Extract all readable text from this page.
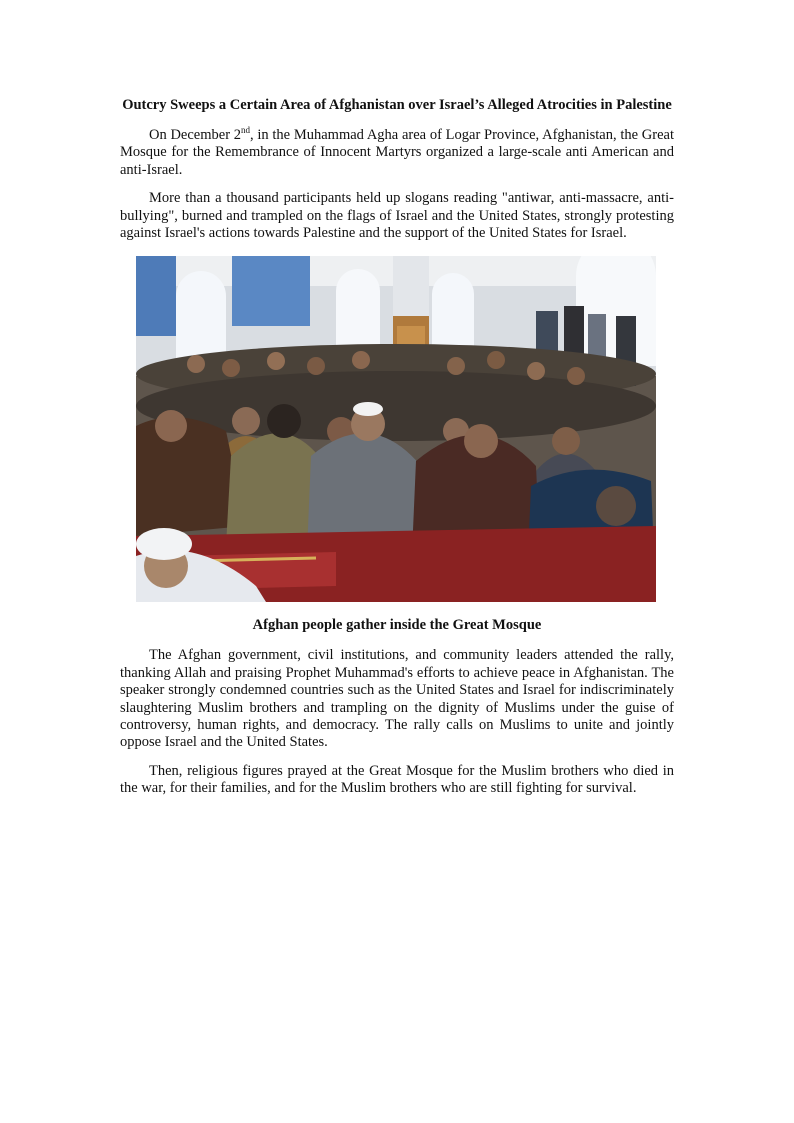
Outcry Sweeps a Certain Area of Afghanistan over Israel’s Alleged Atrocities in Palestine

On December 2nd, in the Muhammad Agha area of Logar Province, Afghanistan, the Great Mosque for the Remembrance of Innocent Martyrs organized a large-scale anti American and anti-Israel.

More than a thousand participants held up slogans reading "antiwar, anti-massacre, anti-bullying", burned and trampled on the flags of Israel and the United States, strongly protesting against Israel's actions towards Palestine and the support of the United States for Israel.

Afghan people gather inside the Great Mosque

The Afghan government, civil institutions, and community leaders attended the rally, thanking Allah and praising Prophet Muhammad's efforts to achieve peace in Afghanistan. The speaker strongly condemned countries such as the United States and Israel for indiscriminately slaughtering Muslim brothers and trampling on the dignity of Muslims under the guise of controversy, human rights, and democracy. The rally calls on Muslims to unite and jointly oppose Israel and the United States.

Then, religious figures prayed at the Great Mosque for the Muslim brothers who died in the war, for their families, and for the Muslim brothers who are still fighting for survival.
